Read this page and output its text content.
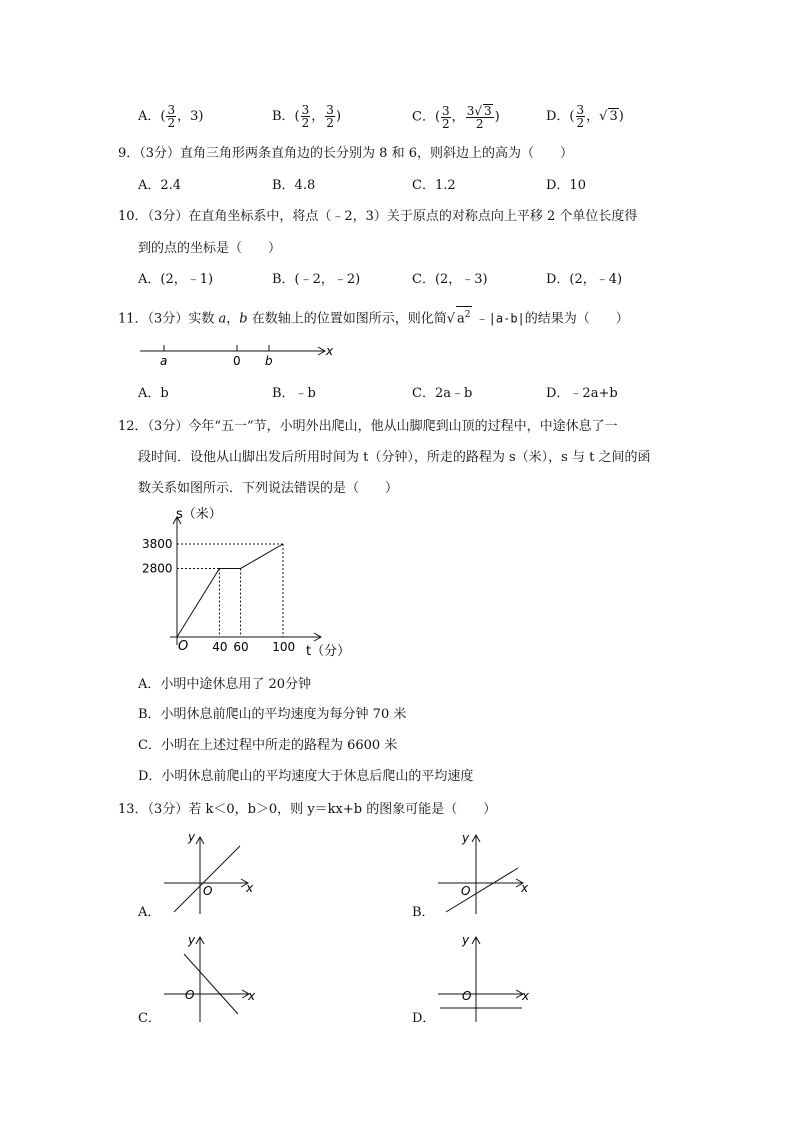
A．( $\frac{3}{2}$ ，3)	B．( $\frac{3}{2}$ ， $\frac{3}{2}$ )	C．( $\frac{3}{2}$ ， $\frac{3√ 3}{2}$ )	D．( $\frac{3}{2}$ ，√ 3)
9．（3分）直角三角形两条直角边的长分别为 8 和 6，则斜边上的高为（　　）
A．2.4	B．4.8	C．1.2	D．10
10．（3分）在直角坐标系中，将点（﹣2，3）关于原点的对称点向上平移 2 个单位长度得
到的点的坐标是（　　）
A．(2，﹣1)	B．(﹣2，﹣2)	C．(2，﹣3)	D．(2，﹣4)
11．（3分）实数 a，b 在数轴上的位置如图所示，则化简√ $a^2$ ﹣|a-b|的结果为（　　）
a	0 b
x
A．b	B．﹣b	C．2a﹣b	D．﹣2a+b
12．（3分）今年“五一”节，小明外出爬山，他从山脚爬到山顶的过程中，中途休息了一
段时间．设他从山脚出发后所用时间为 t（分钟），所走的路程为 s（米），s 与 t 之间的函
数关系如图所示．下列说法错误的是（　　）
s（米）
t（分）
O
2800
3800
40 60 100
A．小明中途休息用了 20分钟
B．小明休息前爬山的平均速度为每分钟 70 米
C．小明在上述过程中所走的路程为 6600 米
D．小明休息前爬山的平均速度大于休息后爬山的平均速度
13．（3分）若 k＜0，b＞0，则 y＝kx+b 的图象可能是（　　）
y
x
O
A．
y
x
O
B．
y
x
O
C．
y
x
O
D．
